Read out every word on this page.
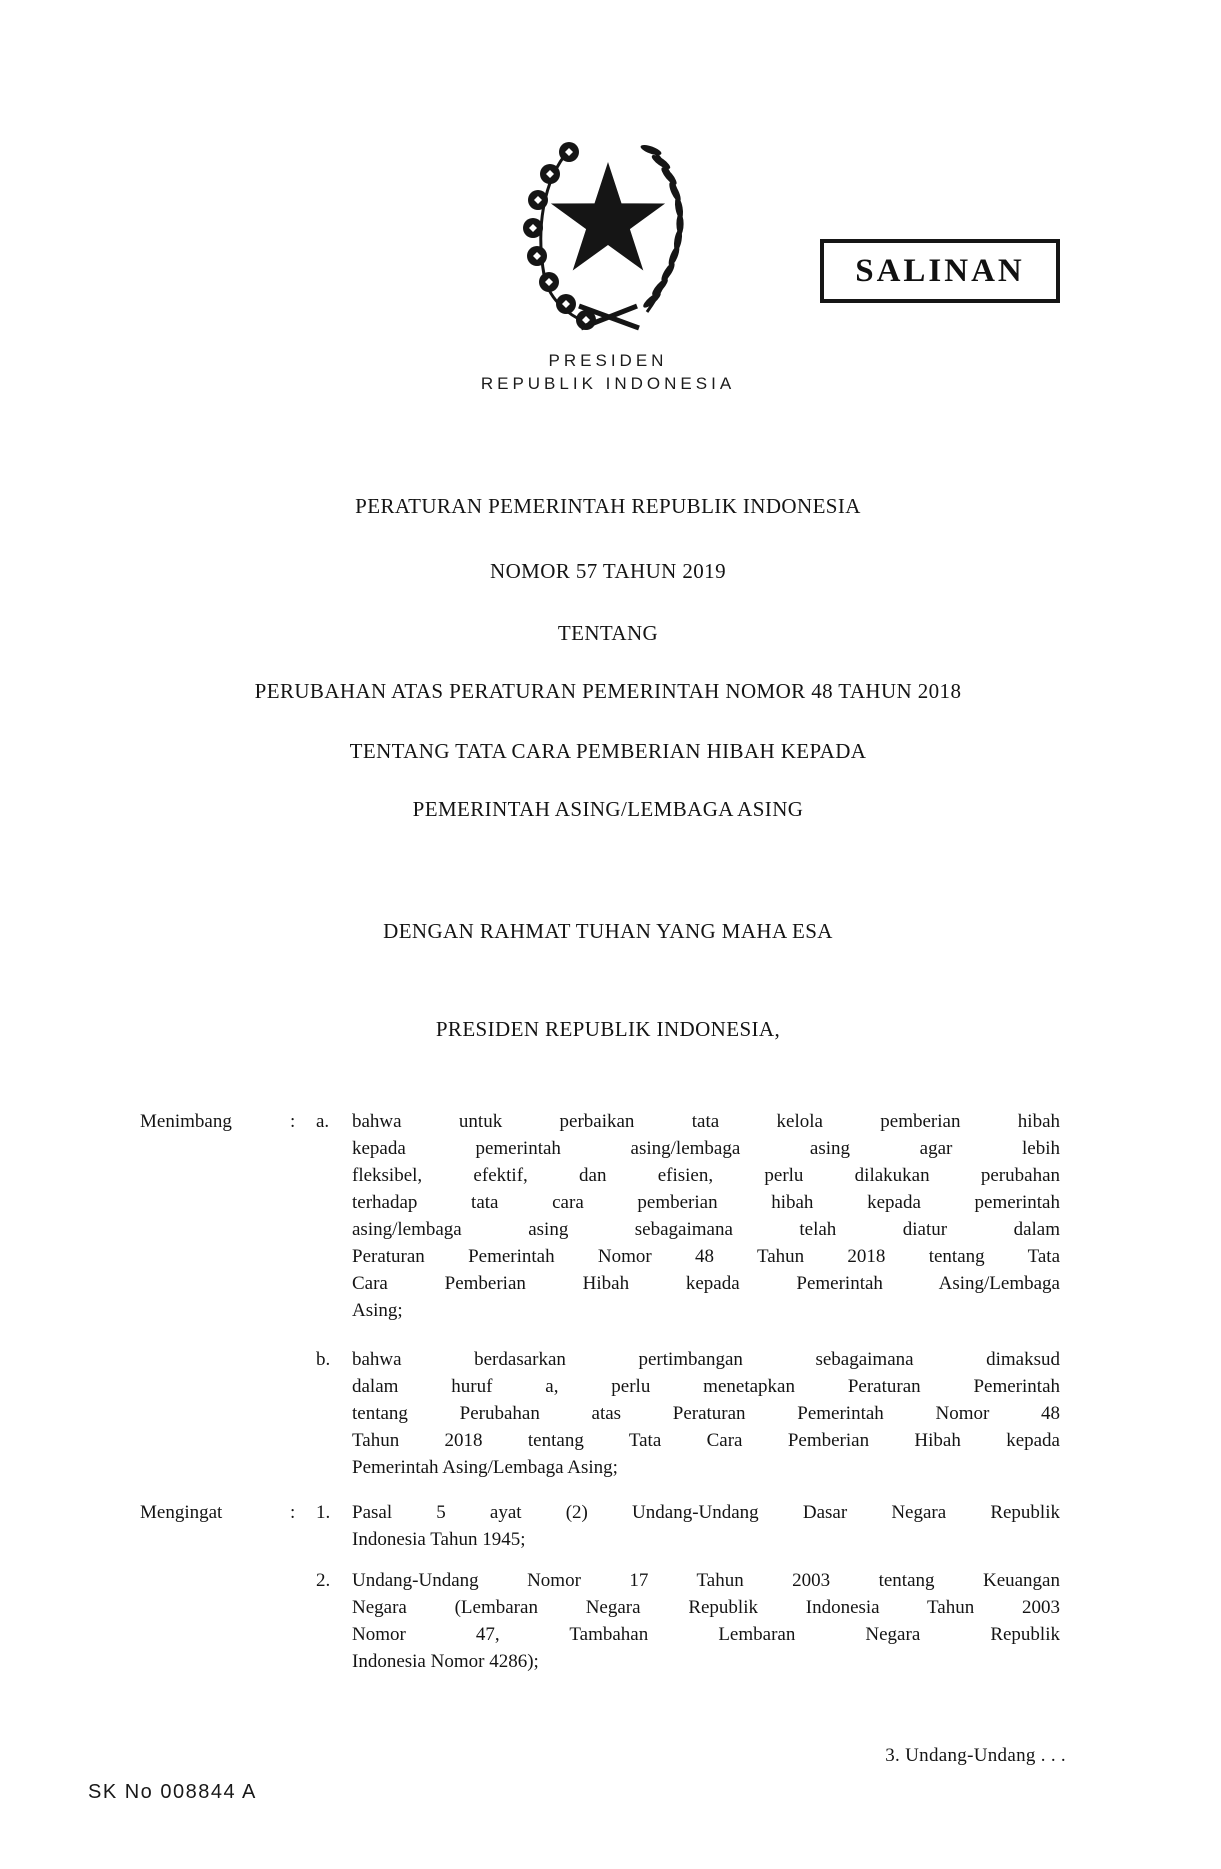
SALINAN
PRESIDEN
REPUBLIK INDONESIA
PERATURAN PEMERINTAH REPUBLIK INDONESIA
NOMOR 57 TAHUN 2019
TENTANG
PERUBAHAN ATAS PERATURAN PEMERINTAH NOMOR 48 TAHUN 2018
TENTANG TATA CARA PEMBERIAN HIBAH KEPADA
PEMERINTAH ASING/LEMBAGA ASING
DENGAN RAHMAT TUHAN YANG MAHA ESA
PRESIDEN REPUBLIK INDONESIA,
Menimbang	:	a.	bahwa untuk perbaikan tata kelola pemberian hibah
kepada pemerintah asing/lembaga asing agar lebih
fleksibel, efektif, dan efisien, perlu dilakukan perubahan
terhadap tata cara pemberian hibah kepada pemerintah
asing/lembaga asing sebagaimana telah diatur dalam
Peraturan Pemerintah Nomor 48 Tahun 2018 tentang Tata
Cara Pemberian Hibah kepada Pemerintah Asing/Lembaga
Asing;
b.	bahwa berdasarkan pertimbangan sebagaimana dimaksud
dalam huruf a, perlu menetapkan Peraturan Pemerintah
tentang Perubahan atas Peraturan Pemerintah Nomor 48
Tahun 2018 tentang Tata Cara Pemberian Hibah kepada
Pemerintah Asing/Lembaga Asing;
Mengingat	:	1.	Pasal 5 ayat (2) Undang-Undang Dasar Negara Republik
Indonesia Tahun 1945;
2.	Undang-Undang Nomor 17 Tahun 2003 tentang Keuangan
Negara (Lembaran Negara Republik Indonesia Tahun 2003
Nomor 47, Tambahan Lembaran Negara Republik
Indonesia Nomor 4286);
3. Undang-Undang . . .
SK No 008844 A
